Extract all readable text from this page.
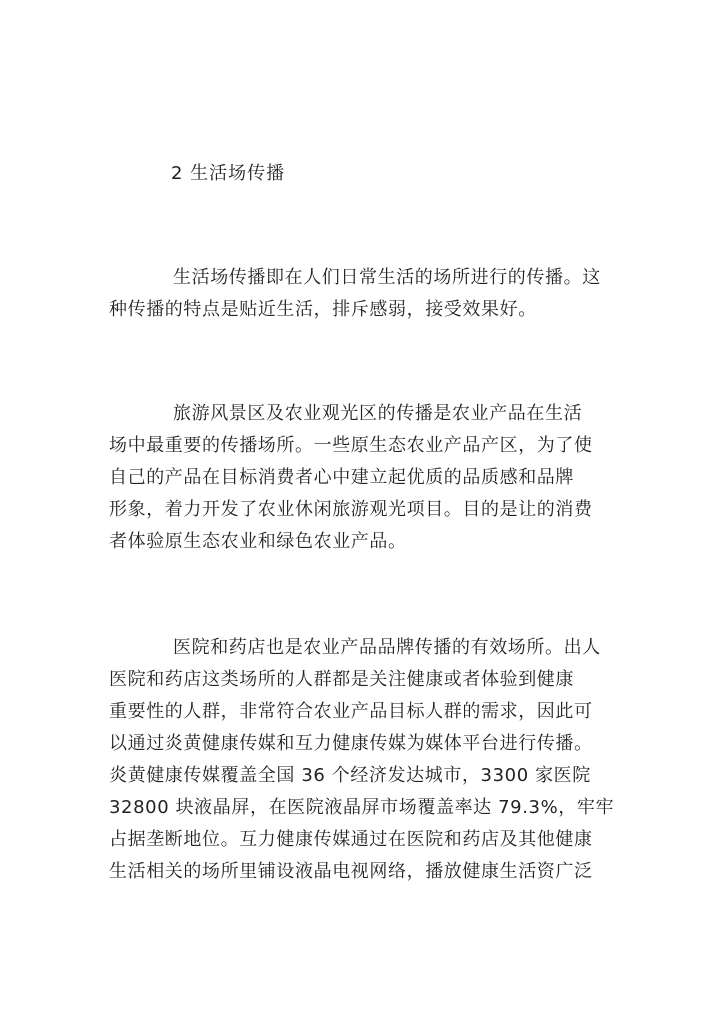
2 生活场传播
生活场传播即在人们日常生活的场所进行的传播。这
种传播的特点是贴近生活，排斥感弱，接受效果好。
旅游风景区及农业观光区的传播是农业产品在生活
场中最重要的传播场所。一些原生态农业产品产区，为了使
自己的产品在目标消费者心中建立起优质的品质感和品牌
形象，着力开发了农业休闲旅游观光项目。目的是让的消费
者体验原生态农业和绿色农业产品。
医院和药店也是农业产品品牌传播的有效场所。出人
医院和药店这类场所的人群都是关注健康或者体验到健康
重要性的人群，非常符合农业产品目标人群的需求，因此可
以通过炎黄健康传媒和互力健康传媒为媒体平台进行传播。
炎黄健康传媒覆盖全国 36 个经济发达城市，3300 家医院
32800 块液晶屏，在医院液晶屏市场覆盖率达 79.3%，牢牢
占据垄断地位。互力健康传媒通过在医院和药店及其他健康
生活相关的场所里铺设液晶电视网络，播放健康生活资广泛
